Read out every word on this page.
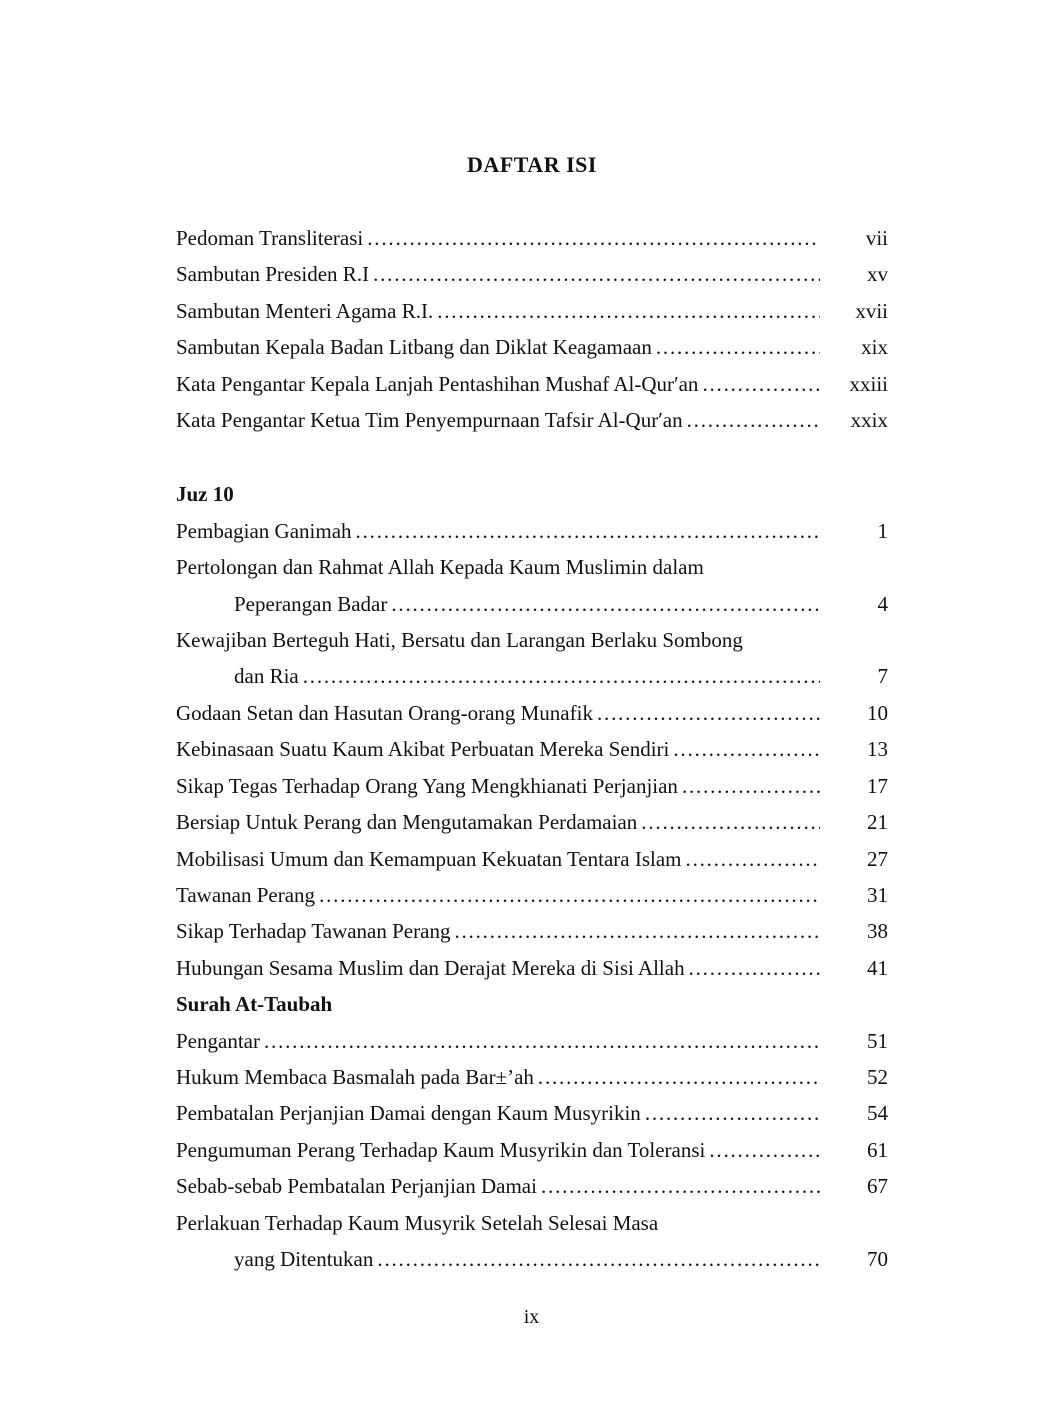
DAFTAR ISI
Pedoman Transliterasi .....	vii
Sambutan Presiden R.I .....	xv
Sambutan Menteri Agama R.I. .....	xvii
Sambutan Kepala Badan Litbang dan Diklat Keagamaan .....	xix
Kata Pengantar Kepala Lanjah Pentashihan Mushaf Al-Qur′an .....	xxiii
Kata Pengantar Ketua Tim Penyempurnaan Tafsir Al-Qur′an .....	xxix
Juz 10
Pembagian Ganimah .....	1
Pertolongan dan Rahmat Allah Kepada Kaum Muslimin dalam
Peperangan Badar .....	4
Kewajiban Berteguh Hati, Bersatu dan Larangan Berlaku Sombong
dan Ria .....	7
Godaan Setan dan Hasutan Orang-orang Munafik .....	10
Kebinasaan Suatu Kaum Akibat Perbuatan Mereka Sendiri .....	13
Sikap Tegas Terhadap Orang Yang Mengkhianati Perjanjian .....	17
Bersiap Untuk Perang dan Mengutamakan Perdamaian .....	21
Mobilisasi Umum dan Kemampuan Kekuatan Tentara Islam .....	27
Tawanan Perang .....	31
Sikap Terhadap Tawanan Perang .....	38
Hubungan Sesama Muslim dan Derajat Mereka di Sisi Allah .....	41
Surah At-Taubah
Pengantar .....	51
Hukum Membaca Basmalah pada Bar±’ah .....	52
Pembatalan Perjanjian Damai dengan Kaum Musyrikin .....	54
Pengumuman Perang Terhadap Kaum Musyrikin dan Toleransi .....	61
Sebab-sebab Pembatalan Perjanjian Damai .....	67
Perlakuan Terhadap Kaum Musyrik Setelah Selesai Masa
yang Ditentukan .....	70
ix
